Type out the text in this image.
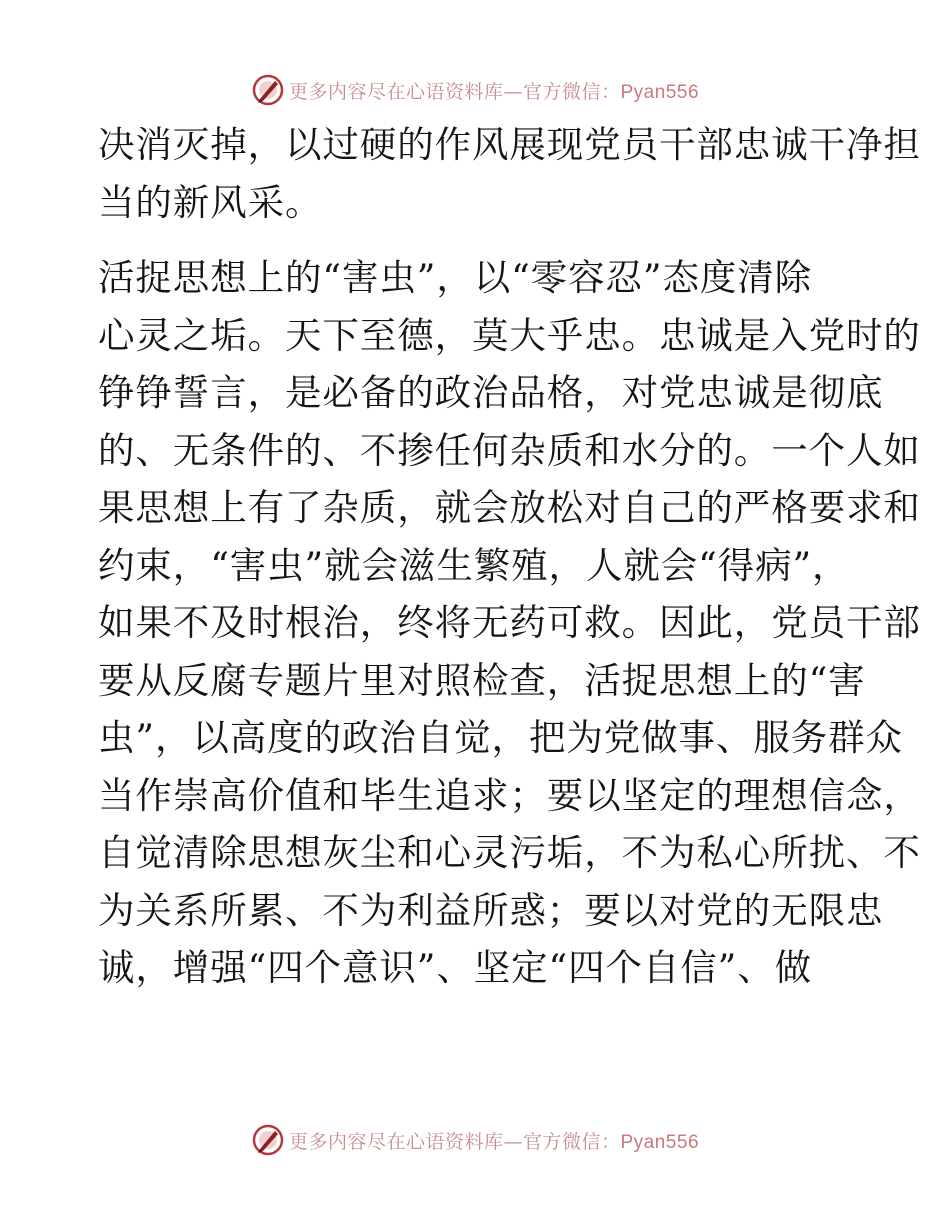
更多内容尽在心语资料库—官方微信：Pyan556
决消灭掉，以过硬的作风展现党员干部忠诚干净担
当的新风采。
活捉思想上的“害虫”，以“零容忍”态度清除
心灵之垢。天下至德，莫大乎忠。忠诚是入党时的
铮铮誓言，是必备的政治品格，对党忠诚是彻底
的、无条件的、不掺任何杂质和水分的。一个人如
果思想上有了杂质，就会放松对自己的严格要求和
约束，“害虫”就会滋生繁殖，人就会“得病”，
如果不及时根治，终将无药可救。因此，党员干部
要从反腐专题片里对照检查，活捉思想上的“害
虫”，以高度的政治自觉，把为党做事、服务群众
当作崇高价值和毕生追求；要以坚定的理想信念，
自觉清除思想灰尘和心灵污垢，不为私心所扰、不
为关系所累、不为利益所惑；要以对党的无限忠
诚，增强“四个意识”、坚定“四个自信”、做
更多内容尽在心语资料库—官方微信：Pyan556
